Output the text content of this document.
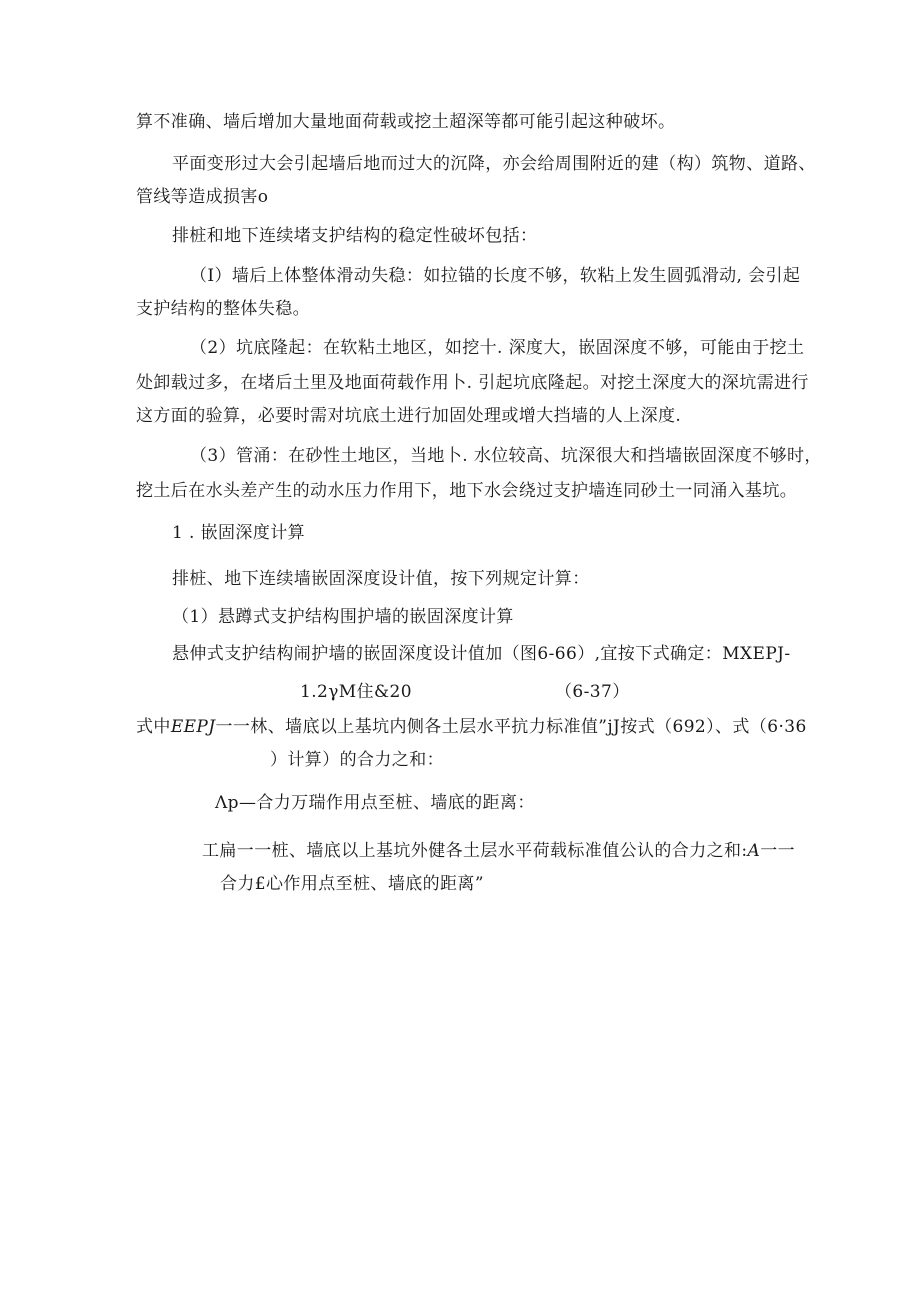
算不准确、墙后增加大量地面荷载或挖土超深等都可能引起这种破坏。
平面变形过大会引起墙后地而过大的沉降，亦会给周围附近的建（构）筑物、道路、
管线等造成损害o
排桩和地下连续堵支护结构的稳定性破坏包括：
（I）墙后上体整体滑动失稳：如拉锚的长度不够，软粘上发生圆弧滑动, 会引起
支护结构的整体失稳。
（2）坑底隆起：在软粘土地区，如挖十. 深度大，嵌固深度不够，可能由于挖土
处卸载过多，在堵后土里及地面荷载作用卜. 引起坑底隆起。对挖土深度大的深坑需进行
这方面的验算，必要时需对坑底土进行加固处理或增大挡墙的人上深度.
（3）管涌：在砂性土地区，当地卜. 水位较高、坑深很大和挡墙嵌固深度不够时，
挖土后在水头差产生的动水压力作用下，地下水会绕过支护墙连同砂土一同涌入基坑。
1 . 嵌固深度计算
排桩、地下连续墙嵌固深度设计值，按下列规定计算：
（1）悬蹲式支护结构围护墙的嵌固深度计算
悬伸式支护结构闹护墙的嵌固深度设计值加（图6-66）,宜按下式确定：MXEPJ-
1.2γM住&20	（6-37）
式中EEPJ一一林、墙底以上基坑内侧各土层水平抗力标准值”jJ按式（692）、式（6·36
）计算）的合力之和：
Λp—合力万瑞作用点至桩、墙底的距离：
工扁一一桩、墙底以上基坑外健各土层水平荷载标准值公认的合力之和:A一一
合力£心作用点至桩、墙底的距离”
